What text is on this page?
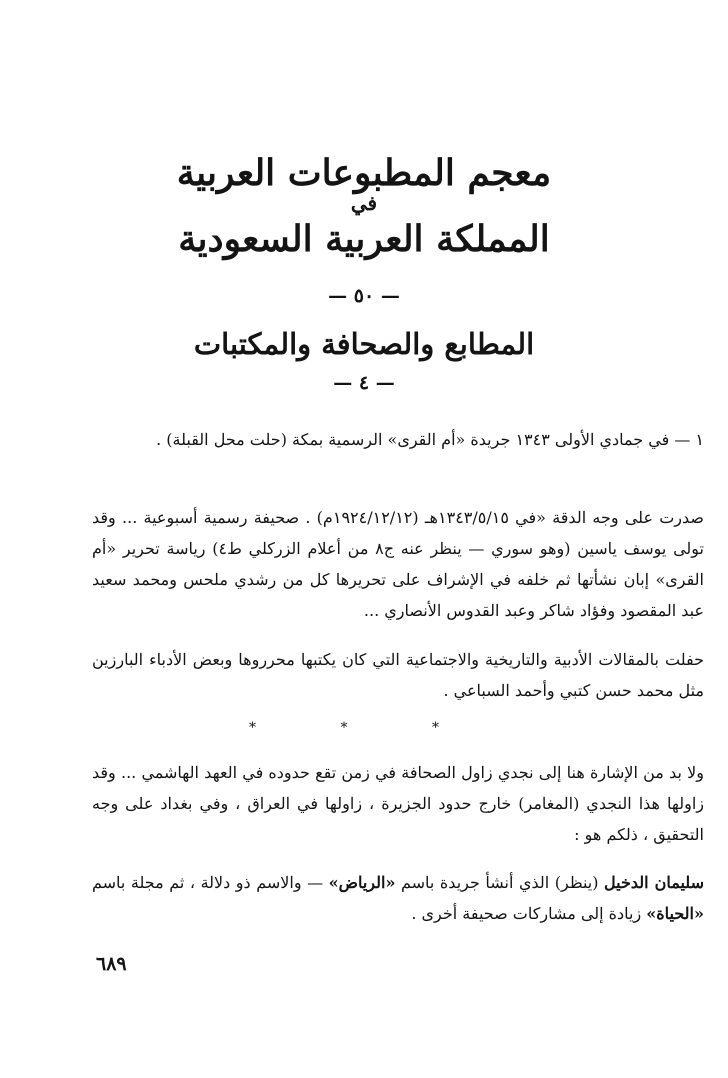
معجم المطبوعات العربية
في
المملكة العربية السعودية
— ٥٠ —
المطابع والصحافة والمكتبات
— ٤ —
١ — في جمادي الأولى ١٣٤٣ جريدة «أم القرى» الرسمية بمكة (حلت محل القبلة) .
صدرت على وجه الدقة «في ١٣٤٣/٥/١٥هـ (١٩٢٤/١٢/١٢م) . صحيفة رسمية أسبوعية ... وقد تولى يوسف ياسين (وهو سوري — ينظر عنه ج٨ من أعلام الزركلي ط٤) رياسة تحرير «أم القرى» إبان نشأتها ثم خلفه في الإشراف على تحريرها كل من رشدي ملحس ومحمد سعيد عبد المقصود وفؤاد شاكر وعبد القدوس الأنصاري ...
حفلت بالمقالات الأدبية والتاريخية والاجتماعية التي كان يكتبها محرروها وبعض الأدباء البارزين مثل محمد حسن كتبي وأحمد السباعي .
* * *
ولا بد من الإشارة هنا إلى نجدي زاول الصحافة في زمن تقع حدوده في العهد الهاشمي ... وقد زاولها هذا النجدي (المغامر) خارج حدود الجزيرة ، زاولها في العراق ، وفي بغداد على وجه التحقيق ، ذلكم هو :
سليمان الدخيل (ينظر) الذي أنشأ جريدة باسم «الرياض» — والاسم ذو دلالة ، ثم مجلة باسم «الحياة» زيادة إلى مشاركات صحيفة أخرى .
٦٨٩
